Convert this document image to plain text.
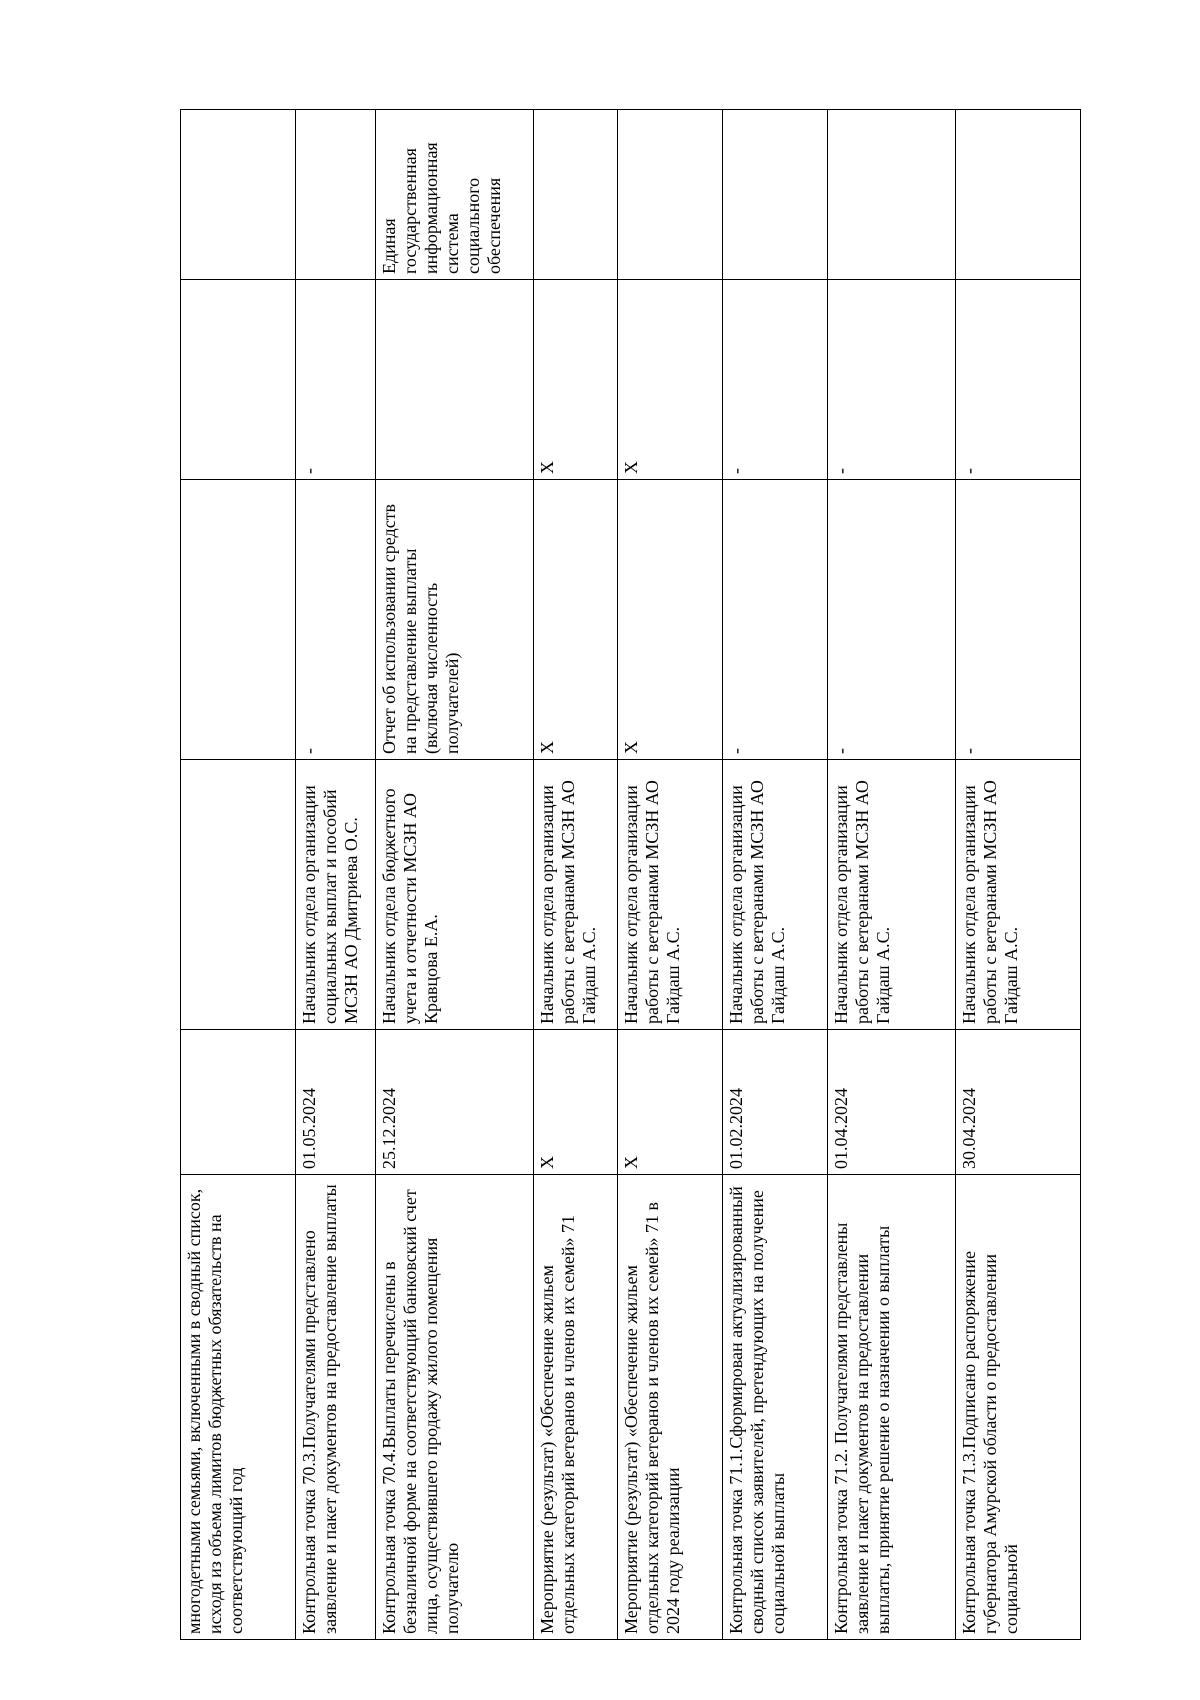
многодетными семьями, включенными в сводный список, исходя из объема лимитов бюджетных обязательств на соответствующий год					
Контрольная точка 70.3.Получателями представлено заявление и пакет документов на предоставление выплаты	01.05.2024	Начальник отдела организации социальных выплат и пособий МСЗН АО Дмитриева О.С.	-	-	
Контрольная точка 70.4.Выплаты перечислены в безналичной форме на соответствующий банковский счет лица, осуществившего продажу жилого помещения получателю	25.12.2024	Начальник отдела бюджетного учета и отчетности МСЗН АО Кравцова Е.А.	Отчет об использовании средств на представление выплаты (включая численность получателей)		Единая государственная информационная система социального обеспечения
Мероприятие (результат) «Обеспечение жильем отдельных категорий ветеранов и членов их семей» 71	Х	Начальник отдела организации работы с ветеранами МСЗН АО Гайдаш А.С.	Х	Х	
Мероприятие (результат) «Обеспечение жильем отдельных категорий ветеранов и членов их семей» 71 в 2024 году реализации	Х	Начальник отдела организации работы с ветеранами МСЗН АО Гайдаш А.С.	Х	Х	
Контрольная точка 71.1.Сформирован актуализированный сводный список заявителей, претендующих на получение социальной выплаты	01.02.2024	Начальник отдела организации работы с ветеранами МСЗН АО Гайдаш А.С.	-	-	
Контрольная точка 71.2. Получателями представлены заявление и пакет документов на предоставлении выплаты, принятие решение о назначении о выплаты	01.04.2024	Начальник отдела организации работы с ветеранами МСЗН АО Гайдаш А.С.	-	-	
Контрольная точка 71.3.Подписано распоряжение губернатора Амурской области о предоставлении социальной	30.04.2024	Начальник отдела организации работы с ветеранами МСЗН АО Гайдаш А.С.	-	-	
